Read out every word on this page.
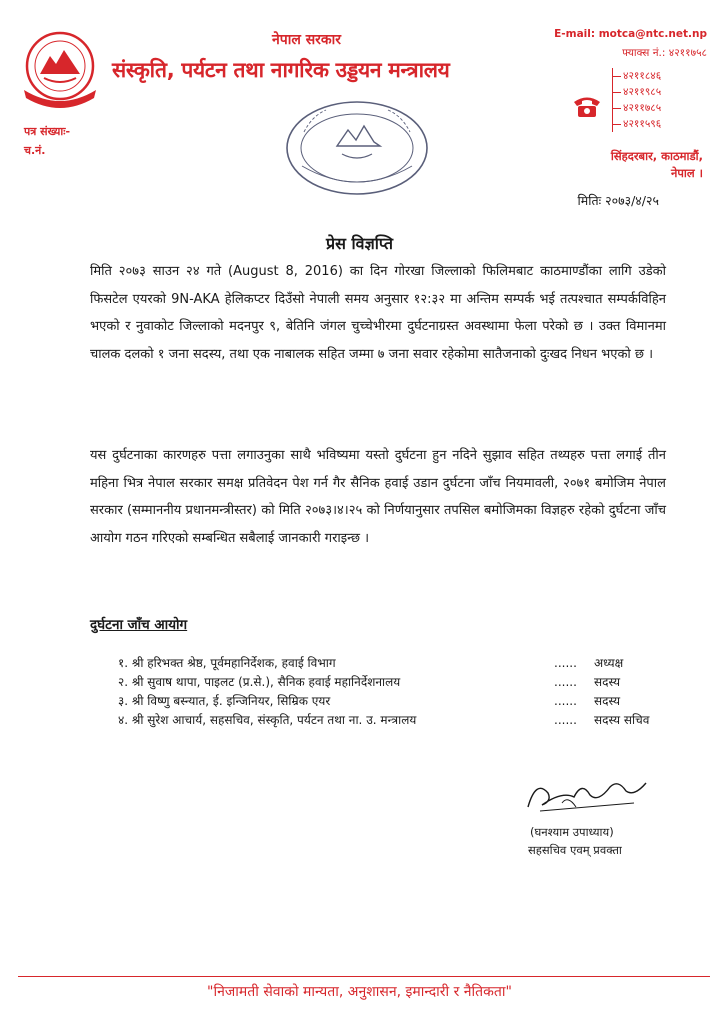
नेपाल सरकार
संस्कृति, पर्यटन तथा नागरिक उड्डयन मन्त्रालय
E-mail: motca@ntc.net.np
फ्याक्स नं.: ४२११७५८
४२११८४६
४२११९८५
४२११७८५
४२११५९६
सिंहदरबार, काठमाडौं,
नेपाल ।
पत्र संख्याः-
च.नं.
मितिः २०७३/४/२५
प्रेस विज्ञप्ति
मिति २०७३ साउन २४ गते (August 8, 2016) का दिन गोरखा जिल्लाको फिलिमबाट काठमाण्डौंका लागि उडेको फिसटेल एयरको 9N-AKA हेलिकप्टर दिउँसो नेपाली समय अनुसार १२:३२ मा अन्तिम सम्पर्क भई तत्पश्चात सम्पर्कविहिन भएको र नुवाकोट जिल्लाको मदनपुर ९, बेतिनि जंगल चुच्चेभीरमा दुर्घटनाग्रस्त अवस्थामा फेला परेको छ । उक्त विमानमा चालक दलको १ जना सदस्य, तथा एक नाबालक सहित जम्मा ७ जना सवार रहेकोमा सातैजनाको दुःखद निधन भएको छ ।
यस दुर्घटनाका कारणहरु पत्ता लगाउनुका साथै भविष्यमा यस्तो दुर्घटना हुन नदिने सुझाव सहित तथ्यहरु पत्ता लगाई तीन महिना भित्र नेपाल सरकार समक्ष प्रतिवेदन पेश गर्न गैर सैनिक हवाई उडान दुर्घटना जाँच नियमावली, २०७१ बमोजिम नेपाल सरकार (सम्माननीय प्रधानमन्त्रीस्तर) को मिति २०७३।४।२५ को निर्णयानुसार तपसिल बमोजिमका विज्ञहरु रहेको दुर्घटना जाँच आयोग गठन गरिएको सम्बन्धित सबैलाई जानकारी गराइन्छ ।
दुर्घटना जाँच आयोग
१. श्री हरिभक्त श्रेष्ठ, पूर्वमहानिर्देशक, हवाई विभाग	......	अध्यक्ष
२. श्री सुवाष थापा, पाइलट (प्र.से.), सैनिक हवाई महानिर्देशनालय	......	सदस्य
३. श्री विष्णु बस्न्यात, ई. इन्जिनियर, सिम्रिक एयर	......	सदस्य
४. श्री सुरेश आचार्य, सहसचिव, संस्कृति, पर्यटन तथा ना. उ. मन्त्रालय	......	सदस्य सचिव
(घनश्याम उपाध्याय)
सहसचिव एवम् प्रवक्ता
"निजामती सेवाको मान्यता, अनुशासन, इमान्दारी र नैतिकता"
